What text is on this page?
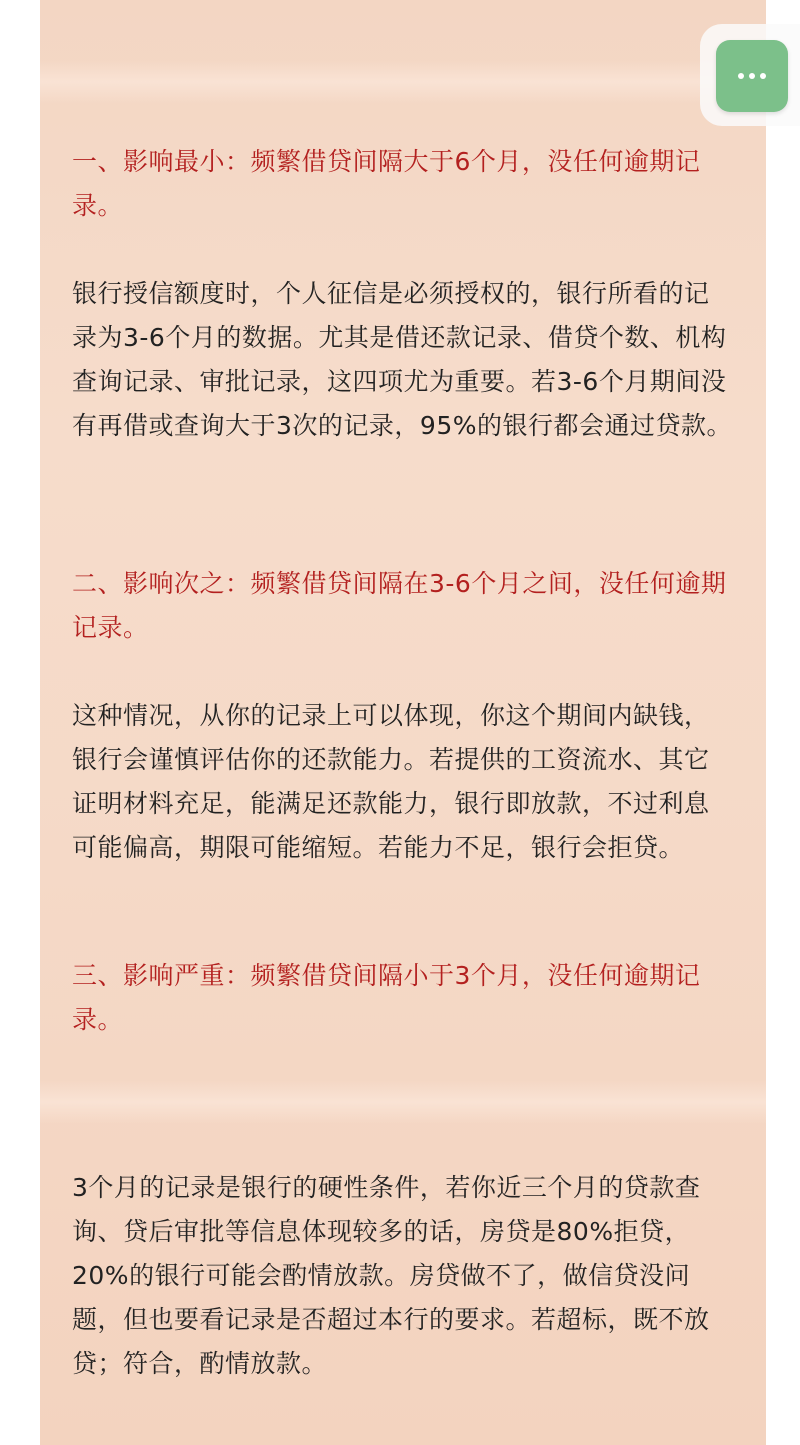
一、影响最小：频繁借贷间隔大于6个月，没任何逾期记录。

银行授信额度时，个人征信是必须授权的，银行所看的记录为3-6个月的数据。尤其是借还款记录、借贷个数、机构查询记录、审批记录，这四项尤为重要。若3-6个月期间没有再借或查询大于3次的记录，95%的银行都会通过贷款。

二、影响次之：频繁借贷间隔在3-6个月之间，没任何逾期记录。

这种情况，从你的记录上可以体现，你这个期间内缺钱，银行会谨慎评估你的还款能力。若提供的工资流水、其它证明材料充足，能满足还款能力，银行即放款，不过利息可能偏高，期限可能缩短。若能力不足，银行会拒贷。

三、影响严重：频繁借贷间隔小于3个月，没任何逾期记录。

3个月的记录是银行的硬性条件，若你近三个月的贷款查询、贷后审批等信息体现较多的话，房贷是80%拒贷，20%的银行可能会酌情放款。房贷做不了，做信贷没问题，但也要看记录是否超过本行的要求。若超标，既不放贷；符合，酌情放款。
